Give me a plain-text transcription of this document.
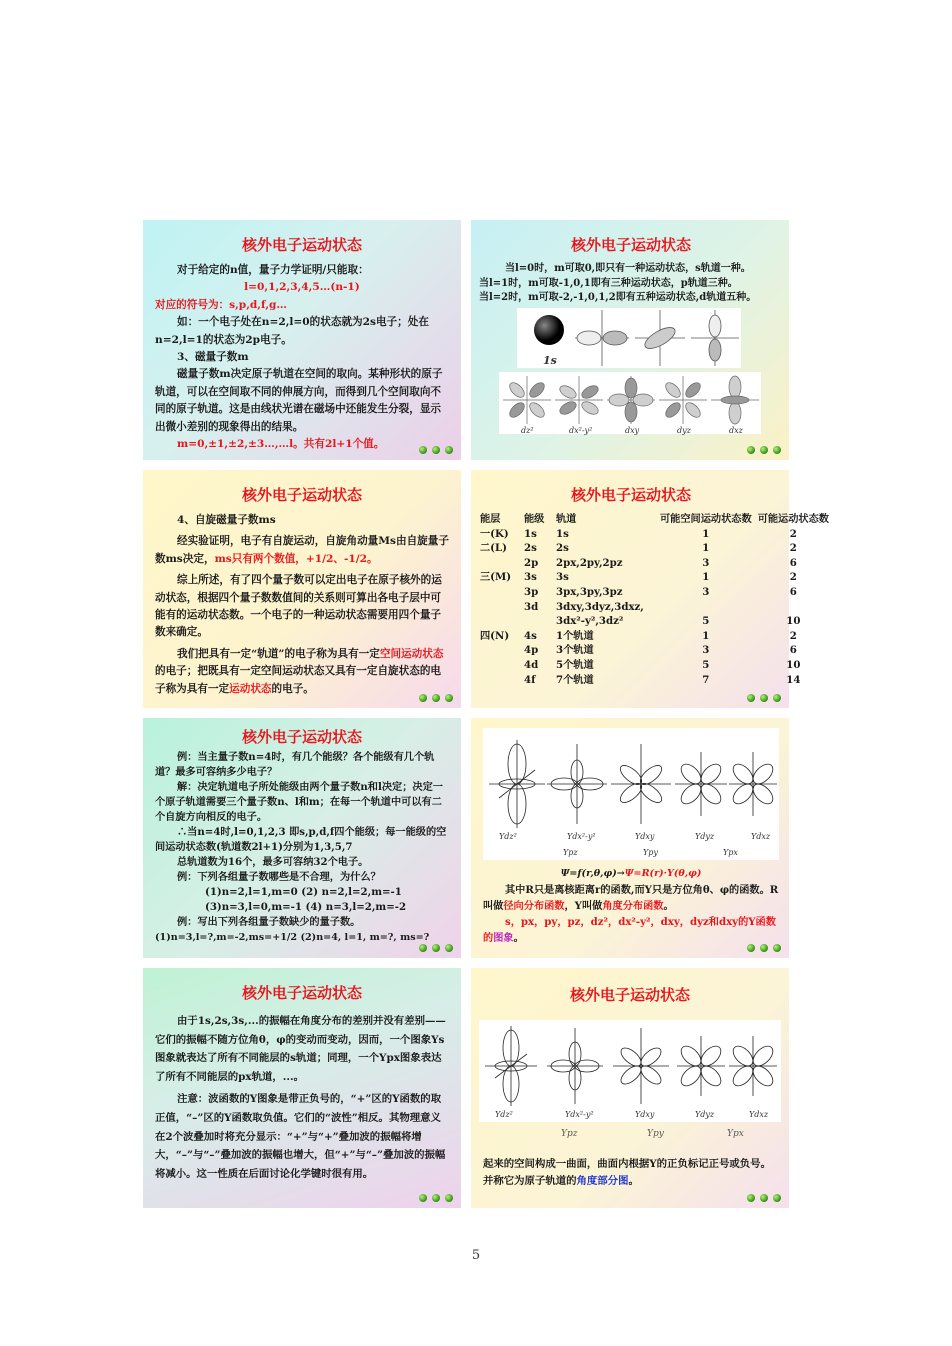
核外电子运动状态

对于给定的n值，量子力学证明/只能取：

l=0,1,2,3,4,5…(n-1)

对应的符号为：s,p,d,f,g…

如：一个电子处在n=2,l=0的状态就为2s电子；处在n=2,l=1的状态为2p电子。

3、磁量子数m

磁量子数m决定原子轨道在空间的取向。某种形状的原子轨道，可以在空间取不同的伸展方向，而得到几个空间取向不同的原子轨道。这是由线状光谱在磁场中还能发生分裂，显示出微小差别的现象得出的结果。

m=0,±1,±2,±3…,…l。共有2l+1个值。

核外电子运动状态

当l=0时，m可取0,即只有一种运动状态，s轨道一种。

当l=1时，m可取-1,0,1即有三种运动状态，p轨道三种。

当l=2时，m可取-2,-1,0,1,2即有五种运动状态,d轨道五种。

1s
dz²	dx²-y²	dxy	dyz	dxz
核外电子运动状态

4、自旋磁量子数ms

经实验证明，电子有自旋运动，自旋角动量Ms由自旋量子数ms决定，ms只有两个数值，+1/2、-1/2。

综上所述，有了四个量子数可以定出电子在原子核外的运动状态，根据四个量子数数值间的关系则可算出各电子层中可能有的运动状态数。一个电子的一种运动状态需要用四个量子数来确定。

我们把具有一定“轨道”的电子称为具有一定空间运动状态的电子；把既具有一定空间运动状态又具有一定自旋状态的电子称为具有一定运动状态的电子。

核外电子运动状态
能层	能级	轨道	可能空间运动状态数	可能运动状态数
一(K)	1s	1s	1	2
二(L)	2s	2s	1	2
	2p	2px,2py,2pz	3	6
三(M)	3s	3s	1	2
	3p	3px,3py,3pz	3	6
	3d	3dxy,3dyz,3dxz,		
		3dx²-y²,3dz²	5	10

四(N)	4s	1个轨道	1	2
	4p	3个轨道	3	6
	4d	5个轨道	5	10
	4f	7个轨道	7	14
核外电子运动状态

例：当主量子数n=4时，有几个能级？各个能级有几个轨道？最多可容纳多少电子？

解：决定轨道电子所处能级由两个量子数n和l决定；决定一个原子轨道需要三个量子数n、l和m；在每一个轨道中可以有二个自旋方向相反的电子。

∴当n=4时,l=0,1,2,3 即s,p,d,f四个能级；每一能级的空间运动状态数(轨道数2l+1)分别为1,3,5,7

总轨道数为16个，最多可容纳32个电子。

例：下列各组量子数哪些是不合理，为什么？

(1)n=2,l=1,m=0 (2) n=2,l=2,m=-1

(3)n=3,l=0,m=-1 (4) n=3,l=2,m=-2

例：写出下列各组量子数缺少的量子数。

(1)n=3,l=?,m=-2,ms=+1/2 (2)n=4, l=1, m=?, ms=?

Ydz²	Ydx²-y²	Ydxy	Ydyz	Ydxz
Ypz	Ypy	Ypx

Ψ=f(r,θ,φ)→Ψ=R(r)·Y(θ,φ)

其中R只是离核距离r的函数,而Y只是方位角θ、φ的函数。R叫做径向分布函数，Y叫做角度分布函数。

s，px，py，pz，dz²，dx²-y²，dxy，dyz和dxy的Y函数的图象。

核外电子运动状态

由于1s,2s,3s,...的振幅在角度分布的差别并没有差别——它们的振幅不随方位角θ，φ的变动而变动，因而，一个图象Ys图象就表达了所有不同能层的s轨道；同理，一个Ypx图象表达了所有不同能层的px轨道，...。

注意：波函数的Y图象是带正负号的，“+”区的Y函数的取正值，“–”区的Y函数取负值。它们的“波性”相反。其物理意义在2个波叠加时将充分显示：“+”与“+”叠加波的振幅将增大，“–”与“–”叠加波的振幅也增大，但“+”与“–”叠加波的振幅将减小。这一性质在后面讨论化学键时很有用。

核外电子运动状态
Ydz²	Ydx²-y²	Ydxy	Ydyz	Ydxz
Ypz	Ypy	Ypx

起来的空间构成一曲面，曲面内根据Y的正负标记正号或负号。并称它为原子轨道的角度部分图。

5
